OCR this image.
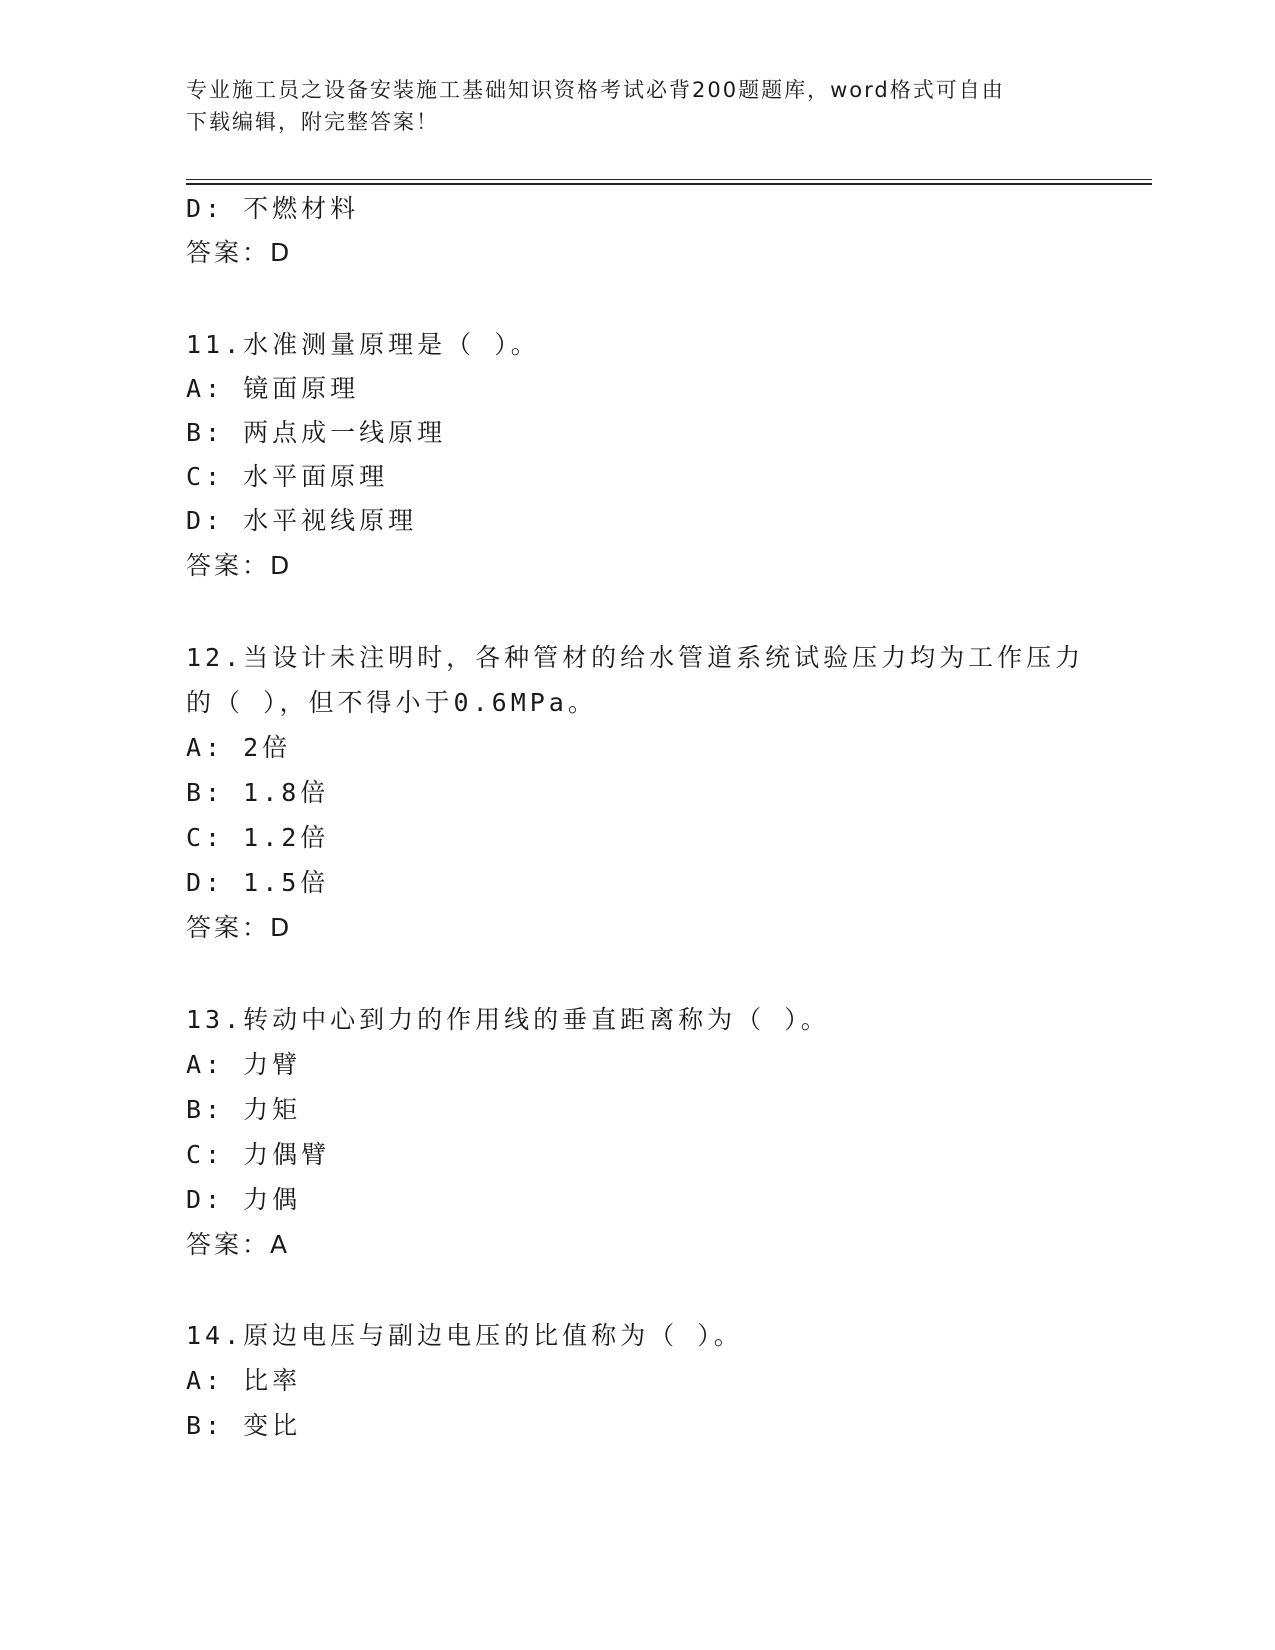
专业施工员之设备安装施工基础知识资格考试必背200题题库，word格式可自由
下载编辑，附完整答案！
D: 不燃材料
答案：D
11.水准测量原理是（ ）。
A: 镜面原理
B: 两点成一线原理
C: 水平面原理
D: 水平视线原理
答案：D
12.当设计未注明时，各种管材的给水管道系统试验压力均为工作压力
的（ ），但不得小于0.6MPa。
A: 2倍
B: 1.8倍
C: 1.2倍
D: 1.5倍
答案：D
13.转动中心到力的作用线的垂直距离称为（ ）。
A: 力臂
B: 力矩
C: 力偶臂
D: 力偶
答案：A
14.原边电压与副边电压的比值称为（ ）。
A: 比率
B: 变比
